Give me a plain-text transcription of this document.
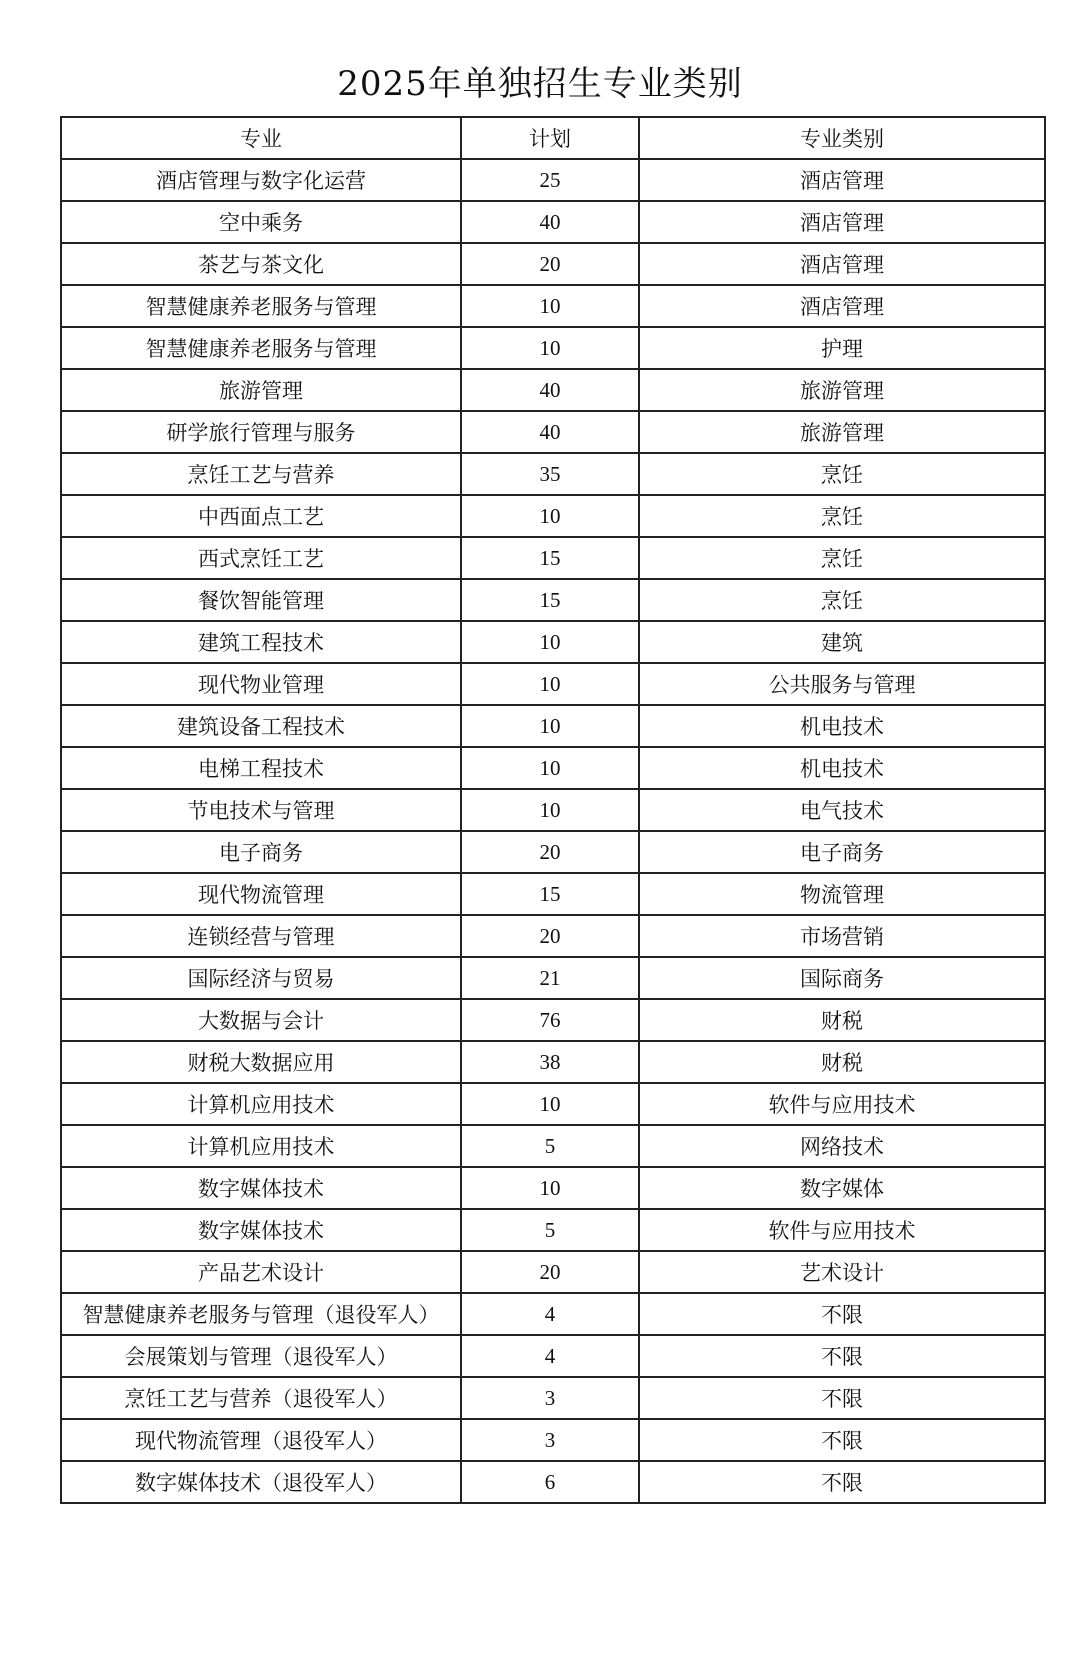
2025年单独招生专业类别
专业	计划	专业类别
酒店管理与数字化运营	25	酒店管理
空中乘务	40	酒店管理
茶艺与茶文化	20	酒店管理
智慧健康养老服务与管理	10	酒店管理
智慧健康养老服务与管理	10	护理
旅游管理	40	旅游管理
研学旅行管理与服务	40	旅游管理
烹饪工艺与营养	35	烹饪
中西面点工艺	10	烹饪
西式烹饪工艺	15	烹饪
餐饮智能管理	15	烹饪
建筑工程技术	10	建筑
现代物业管理	10	公共服务与管理
建筑设备工程技术	10	机电技术
电梯工程技术	10	机电技术
节电技术与管理	10	电气技术
电子商务	20	电子商务
现代物流管理	15	物流管理
连锁经营与管理	20	市场营销
国际经济与贸易	21	国际商务
大数据与会计	76	财税
财税大数据应用	38	财税
计算机应用技术	10	软件与应用技术
计算机应用技术	5	网络技术
数字媒体技术	10	数字媒体
数字媒体技术	5	软件与应用技术
产品艺术设计	20	艺术设计
智慧健康养老服务与管理（退役军人）	4	不限
会展策划与管理（退役军人）	4	不限
烹饪工艺与营养（退役军人）	3	不限
现代物流管理（退役军人）	3	不限
数字媒体技术（退役军人）	6	不限
